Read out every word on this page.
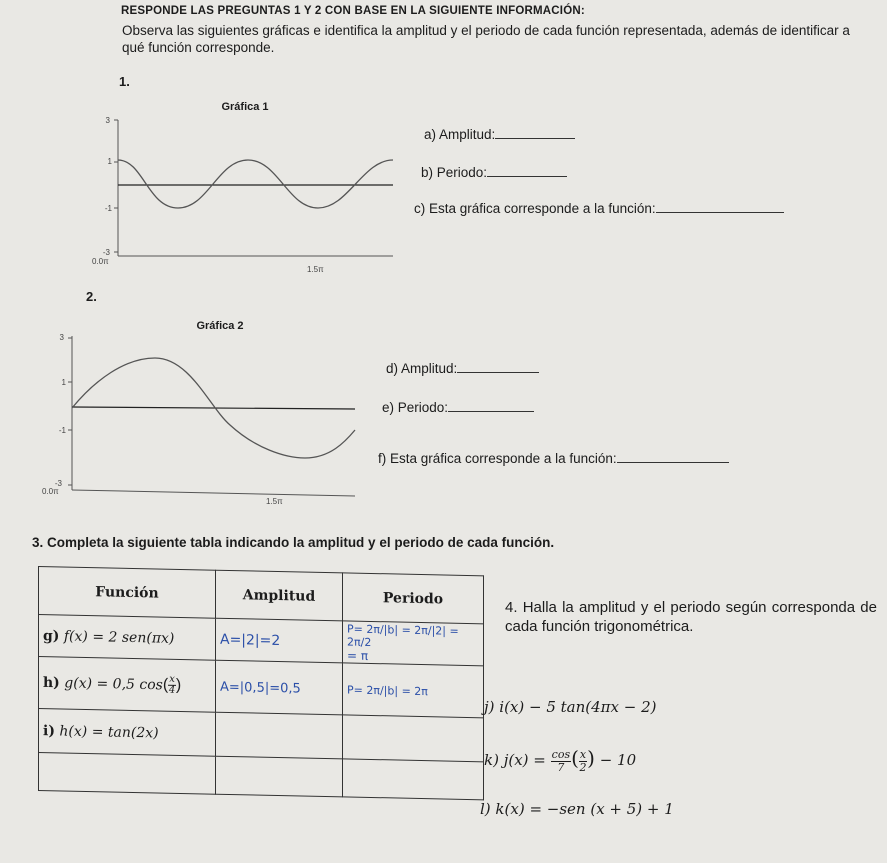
RESPONDE LAS PREGUNTAS 1 Y 2 CON BASE EN LA SIGUIENTE INFORMACIÓN:
Observa las siguientes gráficas e identifica la amplitud y el periodo de cada función representada, además de identificar a qué función corresponde.
1.
Gráfica 1
3
1
-1
-3
0.0π
1.5π
a) Amplitud:
b) Periodo:
c) Esta gráfica corresponde a la función:
2.
Gráfica 2
3
1
-1
-3
0.0π
1.5π
d) Amplitud:
e) Periodo:
f) Esta gráfica corresponde a la función:
3. Completa la siguiente tabla indicando la amplitud y el periodo de cada función.
Función	Amplitud	Periodo
g) f(x) = 2 sen(πx)	A=|2|=2	P= 2π/|b| = 2π/|2| = 2π/2
= π

h) g(x) = 0,5 $\cos( \frac{x}{4})$	A=|0,5|=0,5	P= 2π/|b| = 2π
i) h(x) = tan(2x)		

4. Halla la amplitud y el periodo según corresponda de cada función trigonométrica.
j) i(x) − 5 tan(4πx − 2)
k) $j(x) = \frac{\cos}{7}( \frac{x}{2}) - 10$
l) k(x) = −sen (x + 5) + 1
